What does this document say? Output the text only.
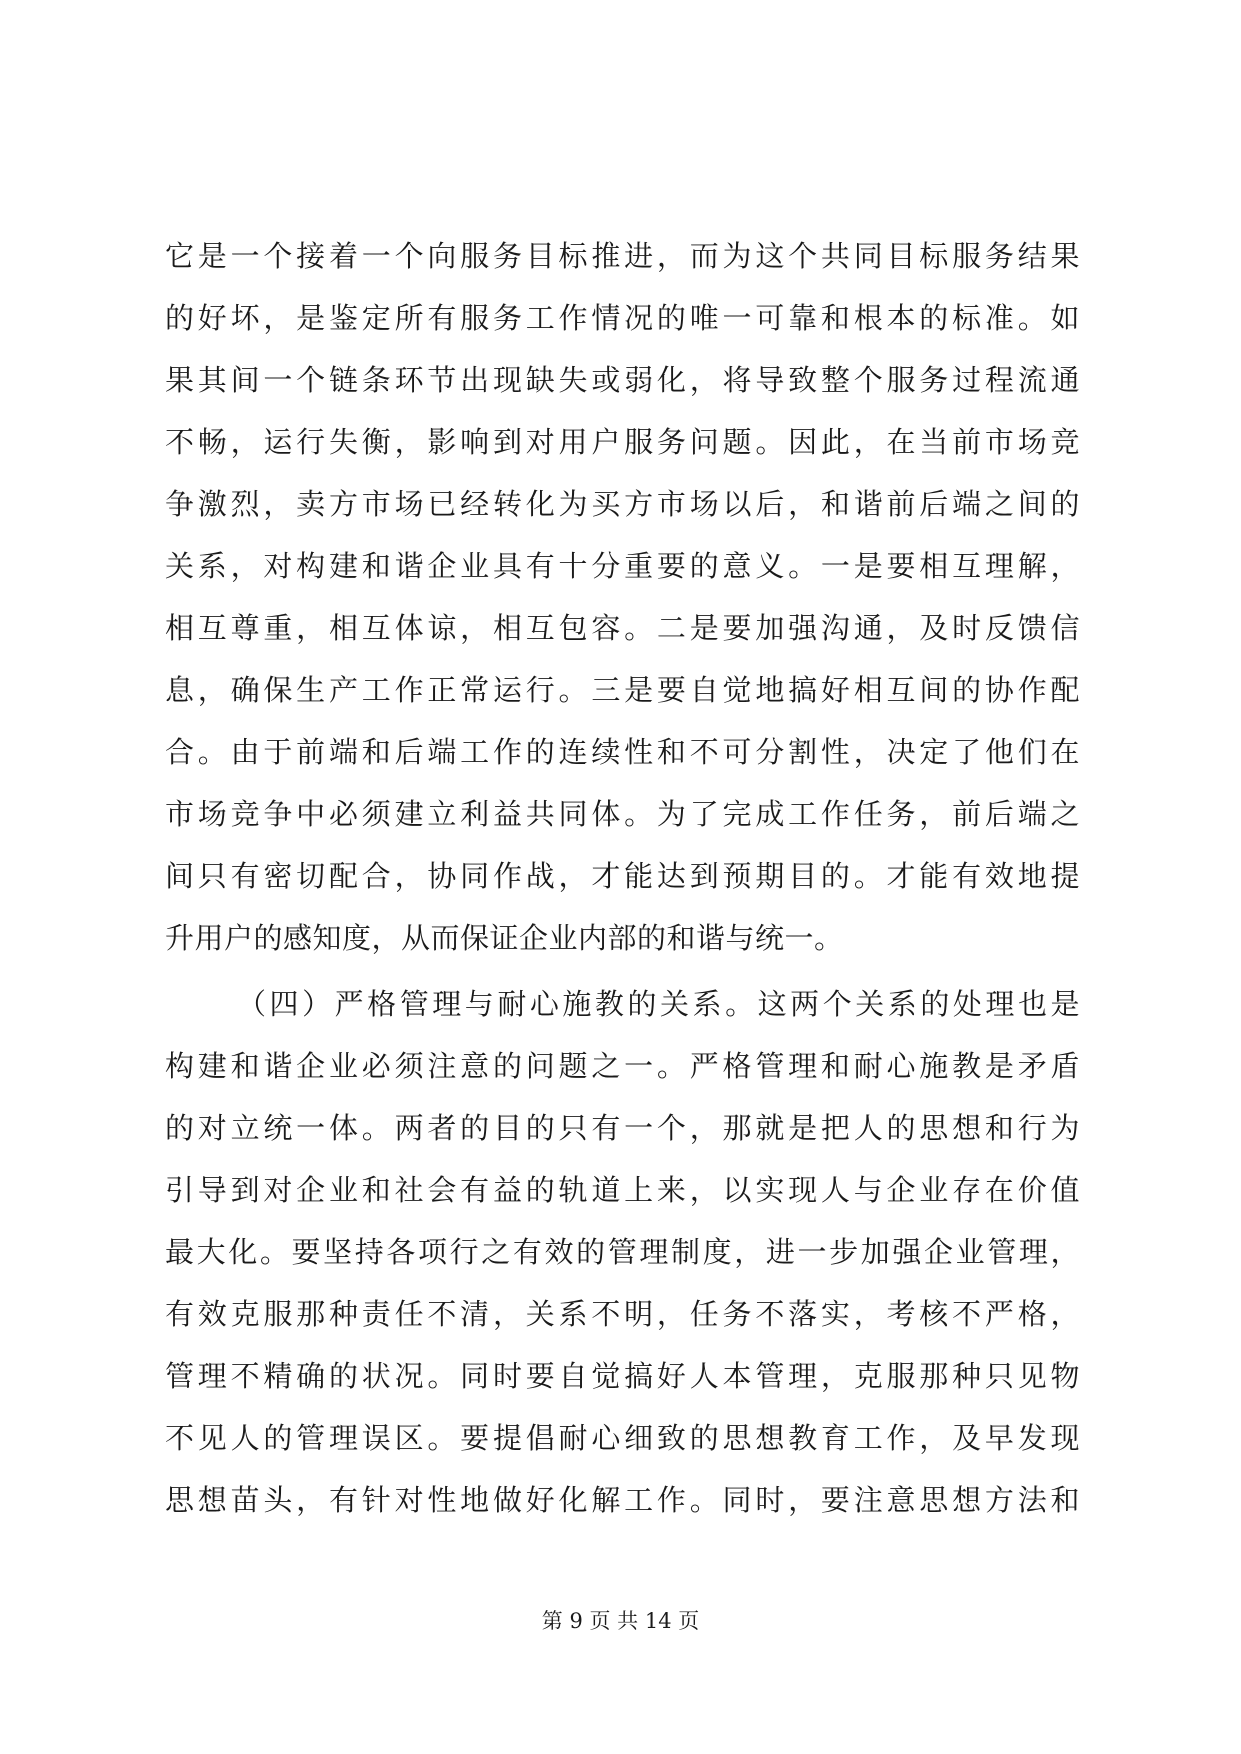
它是一个接着一个向服务目标推进，而为这个共同目标服务结果
的好坏，是鉴定所有服务工作情况的唯一可靠和根本的标准。如
果其间一个链条环节出现缺失或弱化，将导致整个服务过程流通
不畅，运行失衡，影响到对用户服务问题。因此，在当前市场竞
争激烈，卖方市场已经转化为买方市场以后，和谐前后端之间的
关系，对构建和谐企业具有十分重要的意义。一是要相互理解，
相互尊重，相互体谅，相互包容。二是要加强沟通，及时反馈信
息，确保生产工作正常运行。三是要自觉地搞好相互间的协作配
合。由于前端和后端工作的连续性和不可分割性，决定了他们在
市场竞争中必须建立利益共同体。为了完成工作任务，前后端之
间只有密切配合，协同作战，才能达到预期目的。才能有效地提
升用户的感知度，从而保证企业内部的和谐与统一。
（四）严格管理与耐心施教的关系。这两个关系的处理也是
构建和谐企业必须注意的问题之一。严格管理和耐心施教是矛盾
的对立统一体。两者的目的只有一个，那就是把人的思想和行为
引导到对企业和社会有益的轨道上来，以实现人与企业存在价值
最大化。要坚持各项行之有效的管理制度，进一步加强企业管理，
有效克服那种责任不清，关系不明，任务不落实，考核不严格，
管理不精确的状况。同时要自觉搞好人本管理，克服那种只见物
不见人的管理误区。要提倡耐心细致的思想教育工作，及早发现
思想苗头，有针对性地做好化解工作。同时，要注意思想方法和
第 9 页 共 14 页
